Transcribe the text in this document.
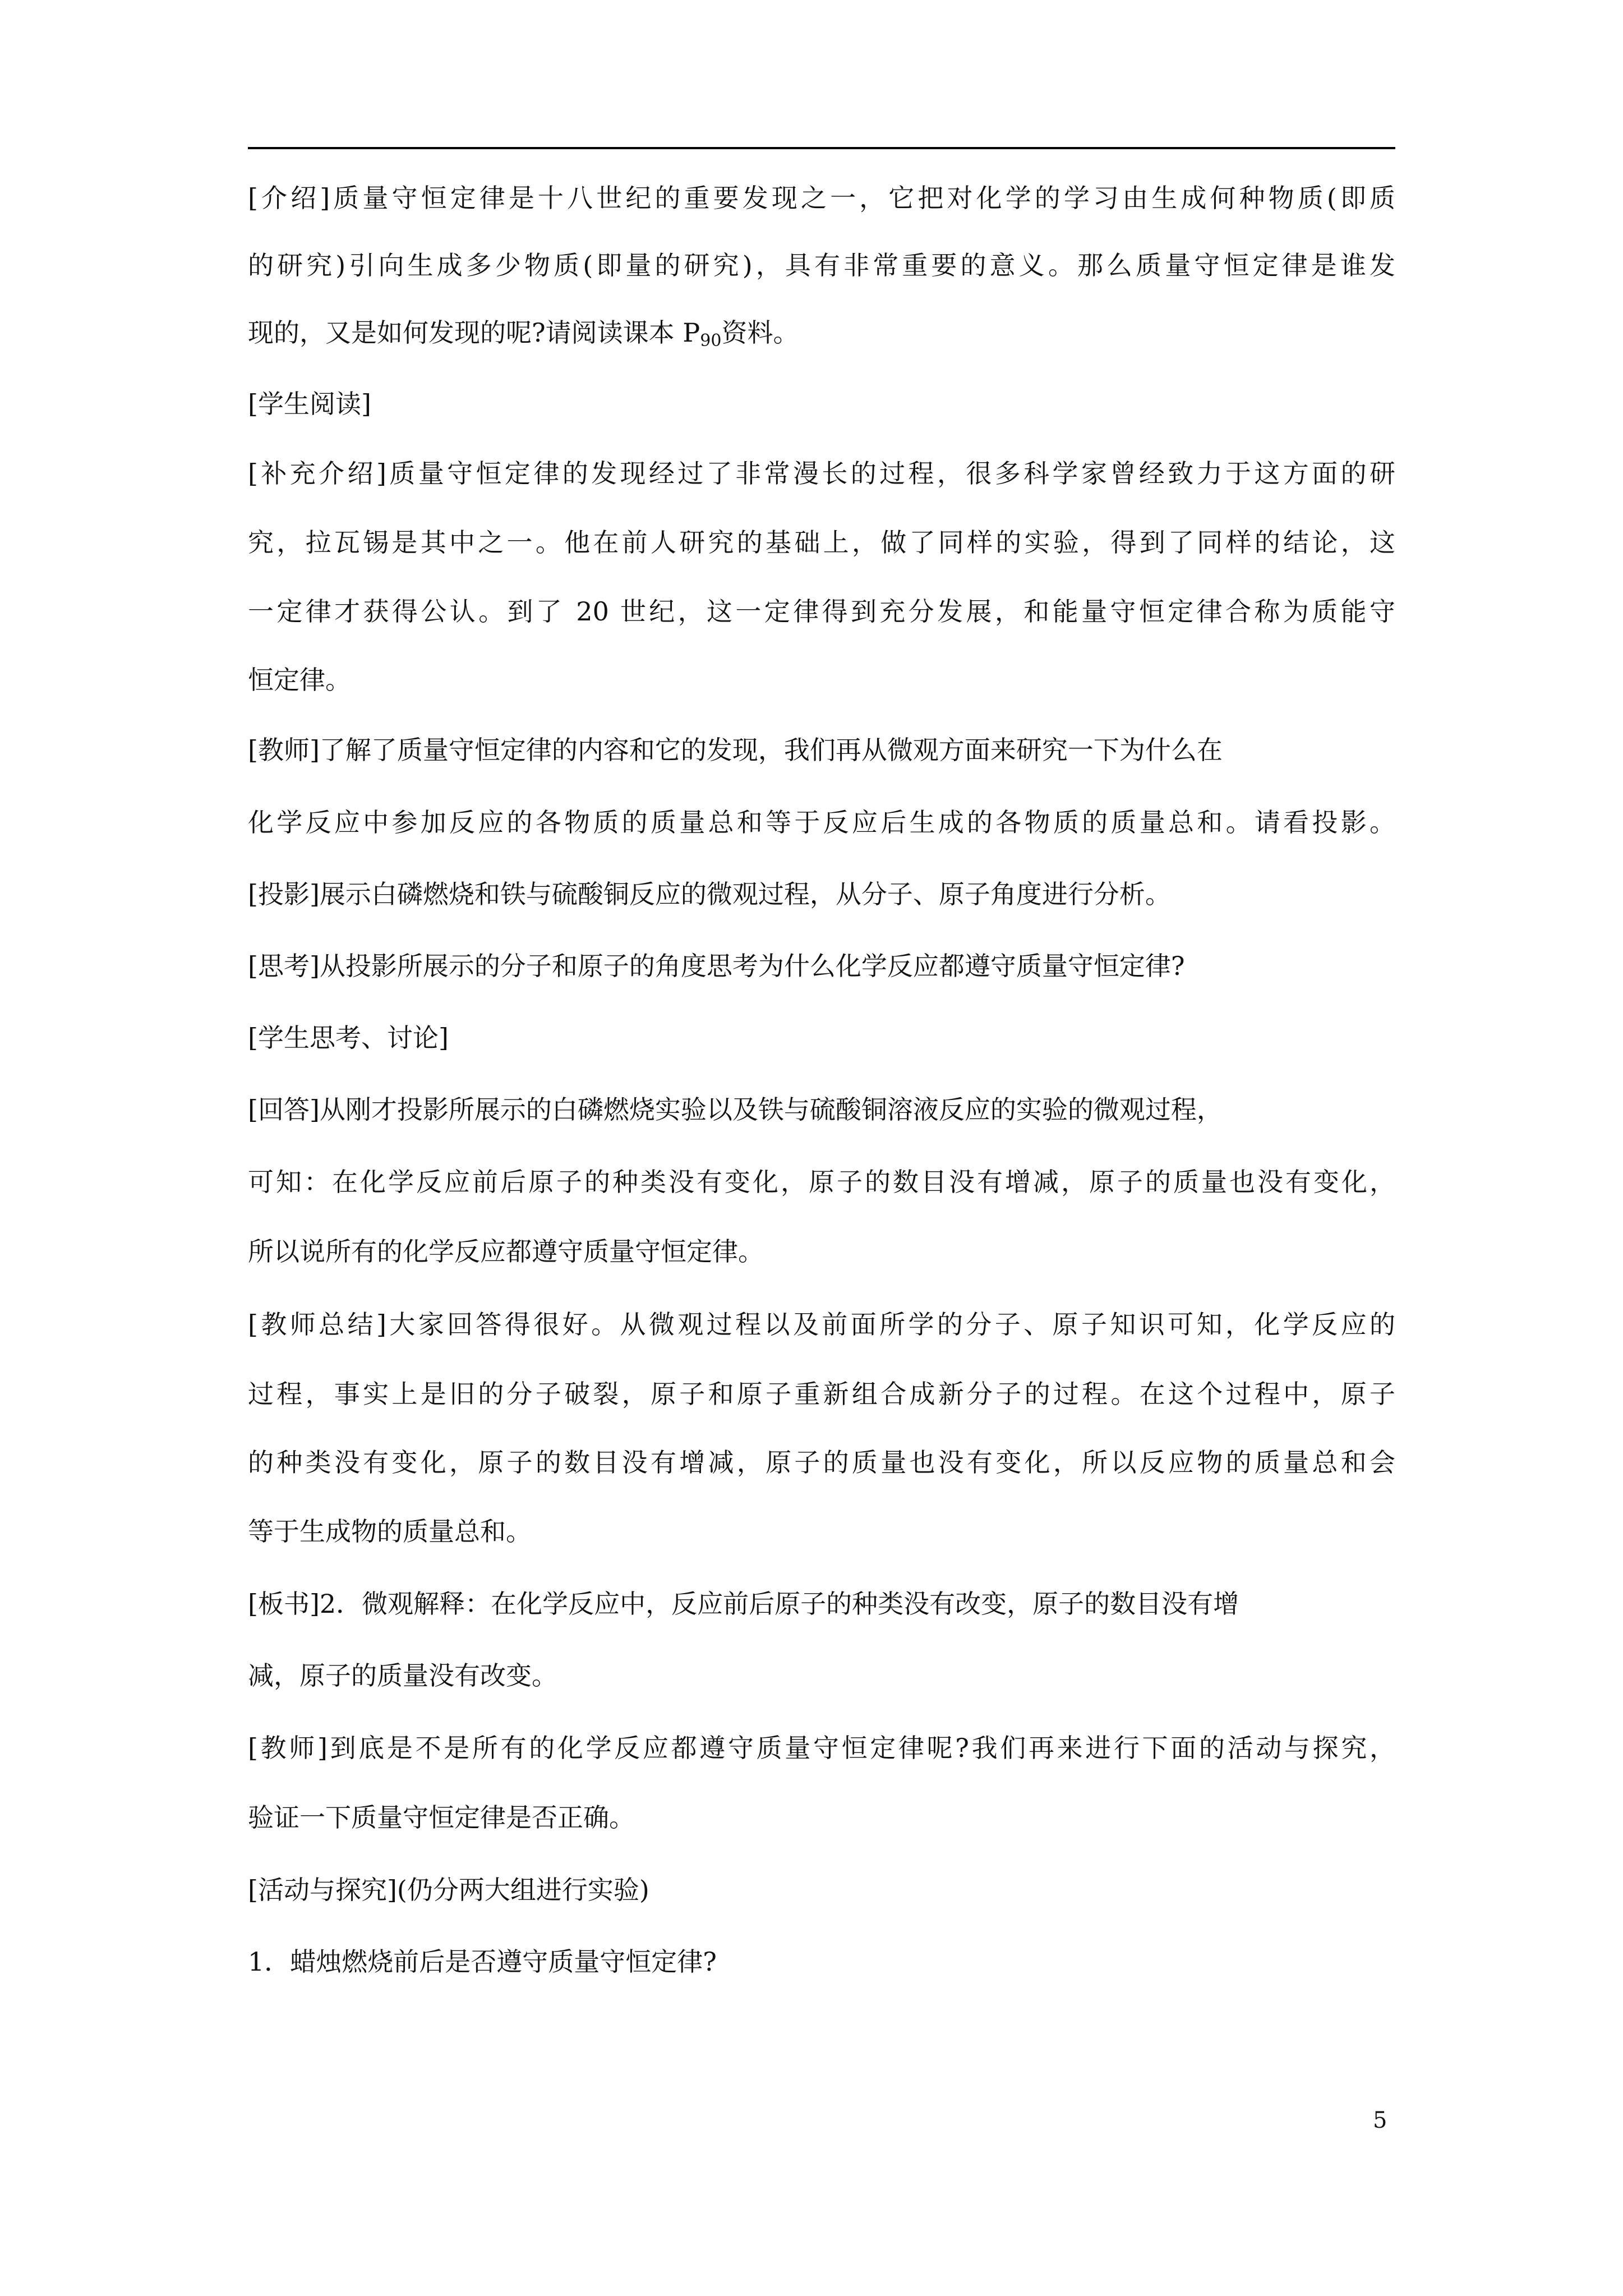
[介绍]质量守恒定律是十八世纪的重要发现之一，它把对化学的学习由生成何种物质(即质
的研究)引向生成多少物质(即量的研究)，具有非常重要的意义。那么质量守恒定律是谁发
现的，又是如何发现的呢?请阅读课本 $P_{90}$资料。
[学生阅读]
[补充介绍]质量守恒定律的发现经过了非常漫长的过程，很多科学家曾经致力于这方面的研
究，拉瓦锡是其中之一。他在前人研究的基础上，做了同样的实验，得到了同样的结论，这
一定律才获得公认。到了 20 世纪，这一定律得到充分发展，和能量守恒定律合称为质能守
恒定律。
[教师]了解了质量守恒定律的内容和它的发现，我们再从微观方面来研究一下为什么在
化学反应中参加反应的各物质的质量总和等于反应后生成的各物质的质量总和。请看投影。
[投影]展示白磷燃烧和铁与硫酸铜反应的微观过程，从分子、原子角度进行分析。
[思考]从投影所展示的分子和原子的角度思考为什么化学反应都遵守质量守恒定律?
[学生思考、讨论]
[回答]从刚才投影所展示的白磷燃烧实验以及铁与硫酸铜溶液反应的实验的微观过程，
可知：在化学反应前后原子的种类没有变化，原子的数目没有增减，原子的质量也没有变化，
所以说所有的化学反应都遵守质量守恒定律。
[教师总结]大家回答得很好。从微观过程以及前面所学的分子、原子知识可知，化学反应的
过程，事实上是旧的分子破裂，原子和原子重新组合成新分子的过程。在这个过程中，原子
的种类没有变化，原子的数目没有增减，原子的质量也没有变化，所以反应物的质量总和会
等于生成物的质量总和。
[板书]2．微观解释：在化学反应中，反应前后原子的种类没有改变，原子的数目没有增
减，原子的质量没有改变。
[教师]到底是不是所有的化学反应都遵守质量守恒定律呢?我们再来进行下面的活动与探究，
验证一下质量守恒定律是否正确。
[活动与探究](仍分两大组进行实验)
1．蜡烛燃烧前后是否遵守质量守恒定律?
5
